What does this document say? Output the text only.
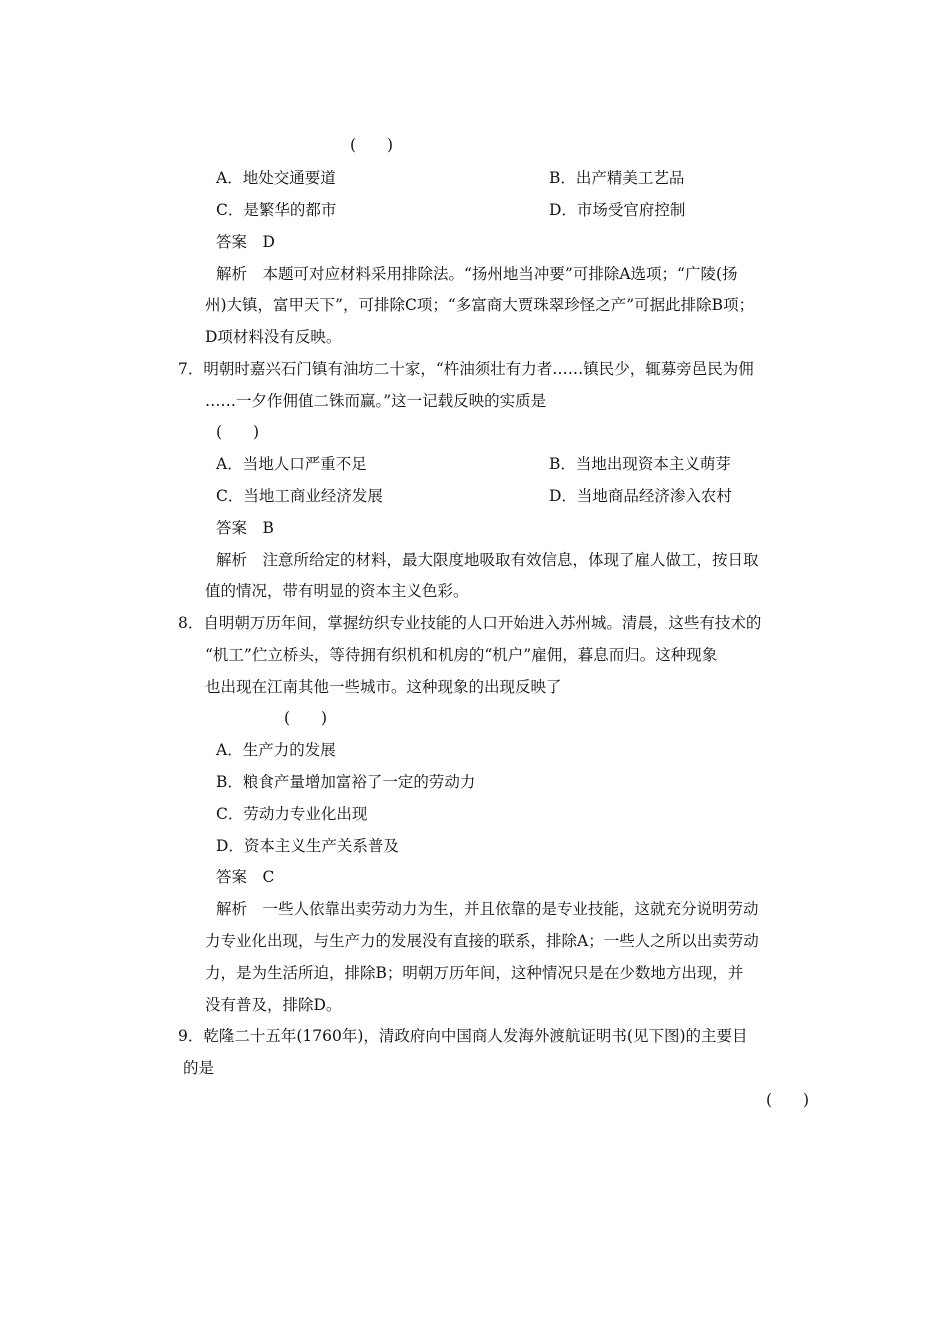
(　　)
A．地处交通要道	B．出产精美工艺品
C．是繁华的都市	D．市场受官府控制
答案　D
解析　本题可对应材料采用排除法。“扬州地当冲要”可排除A选项；“广陵(扬
州)大镇，富甲天下”，可排除C项；“多富商大贾珠翠珍怪之产”可据此排除B项；
D项材料没有反映。
7．明朝时嘉兴石门镇有油坊二十家，“杵油须壮有力者……镇民少，辄募旁邑民为佣
……一夕作佣值二铢而赢。”这一记载反映的实质是
(　　)
A．当地人口严重不足	B．当地出现资本主义萌芽
C．当地工商业经济发展	D．当地商品经济渗入农村
答案　B
解析　注意所给定的材料，最大限度地吸取有效信息，体现了雇人做工，按日取
值的情况，带有明显的资本主义色彩。
8．自明朝万历年间，掌握纺织专业技能的人口开始进入苏州城。清晨，这些有技术的
“机工”伫立桥头，等待拥有织机和机房的“机户”雇佣，暮息而归。这种现象
也出现在江南其他一些城市。这种现象的出现反映了
(　　)
A．生产力的发展
B．粮食产量增加富裕了一定的劳动力
C．劳动力专业化出现
D．资本主义生产关系普及
答案　C
解析　一些人依靠出卖劳动力为生，并且依靠的是专业技能，这就充分说明劳动
力专业化出现，与生产力的发展没有直接的联系，排除A；一些人之所以出卖劳动
力，是为生活所迫，排除B；明朝万历年间，这种情况只是在少数地方出现，并
没有普及，排除D。
9．乾隆二十五年(1760年)，清政府向中国商人发海外渡航证明书(见下图)的主要目
的是
(　　)
